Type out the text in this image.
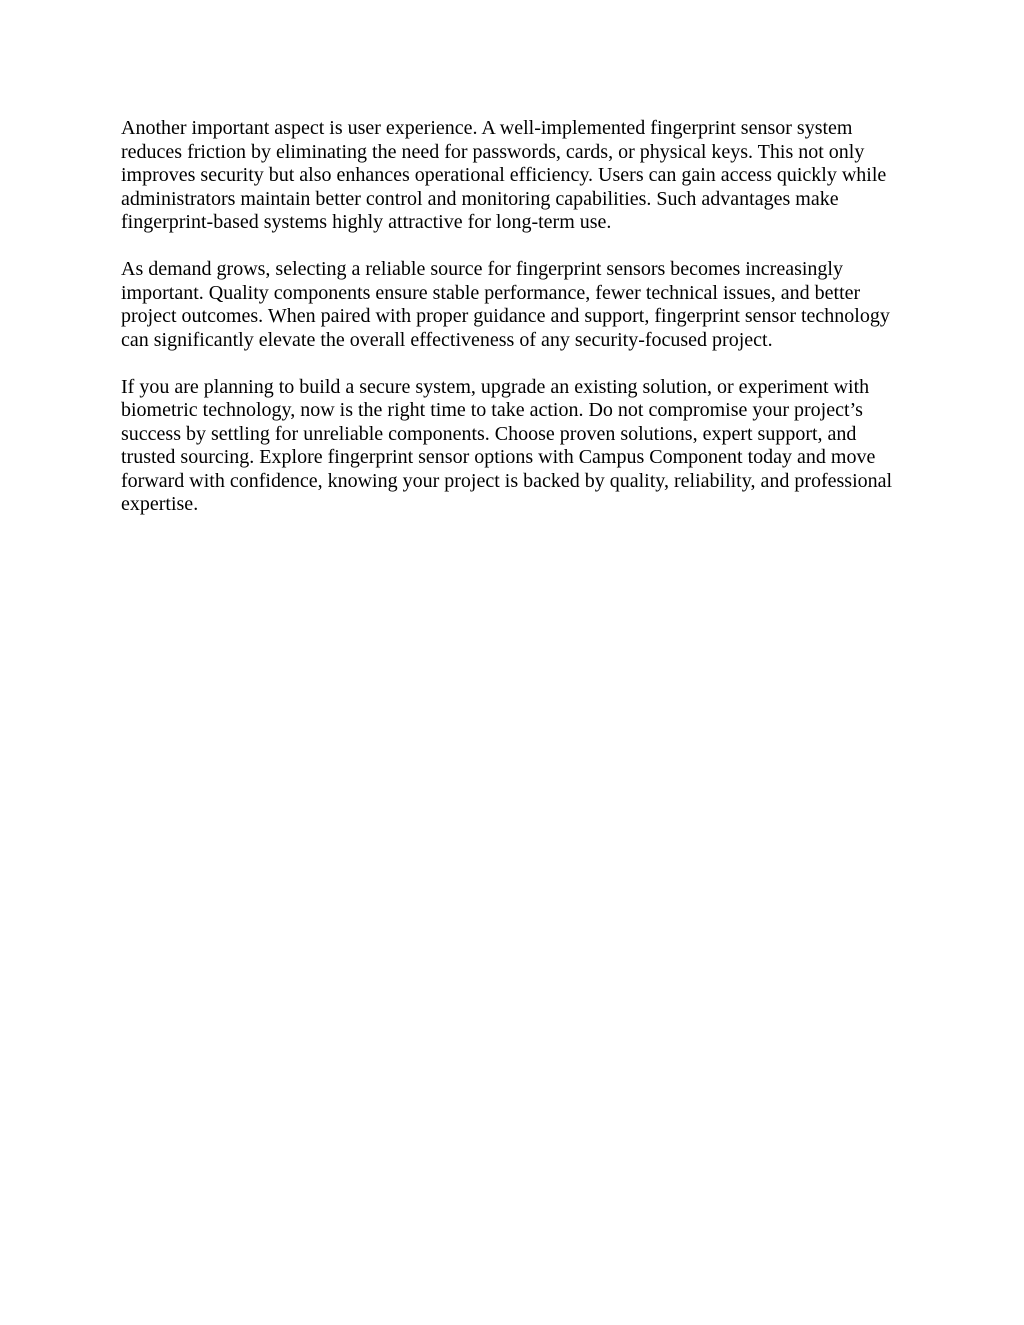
Another important aspect is user experience. A well-implemented fingerprint sensor system reduces friction by eliminating the need for passwords, cards, or physical keys. This not only improves security but also enhances operational efficiency. Users can gain access quickly while administrators maintain better control and monitoring capabilities. Such advantages make fingerprint-based systems highly attractive for long-term use.

As demand grows, selecting a reliable source for fingerprint sensors becomes increasingly important. Quality components ensure stable performance, fewer technical issues, and better project outcomes. When paired with proper guidance and support, fingerprint sensor technology can significantly elevate the overall effectiveness of any security-focused project.

If you are planning to build a secure system, upgrade an existing solution, or experiment with biometric technology, now is the right time to take action. Do not compromise your project’s success by settling for unreliable components. Choose proven solutions, expert support, and trusted sourcing. Explore fingerprint sensor options with Campus Component today and move forward with confidence, knowing your project is backed by quality, reliability, and professional expertise.
